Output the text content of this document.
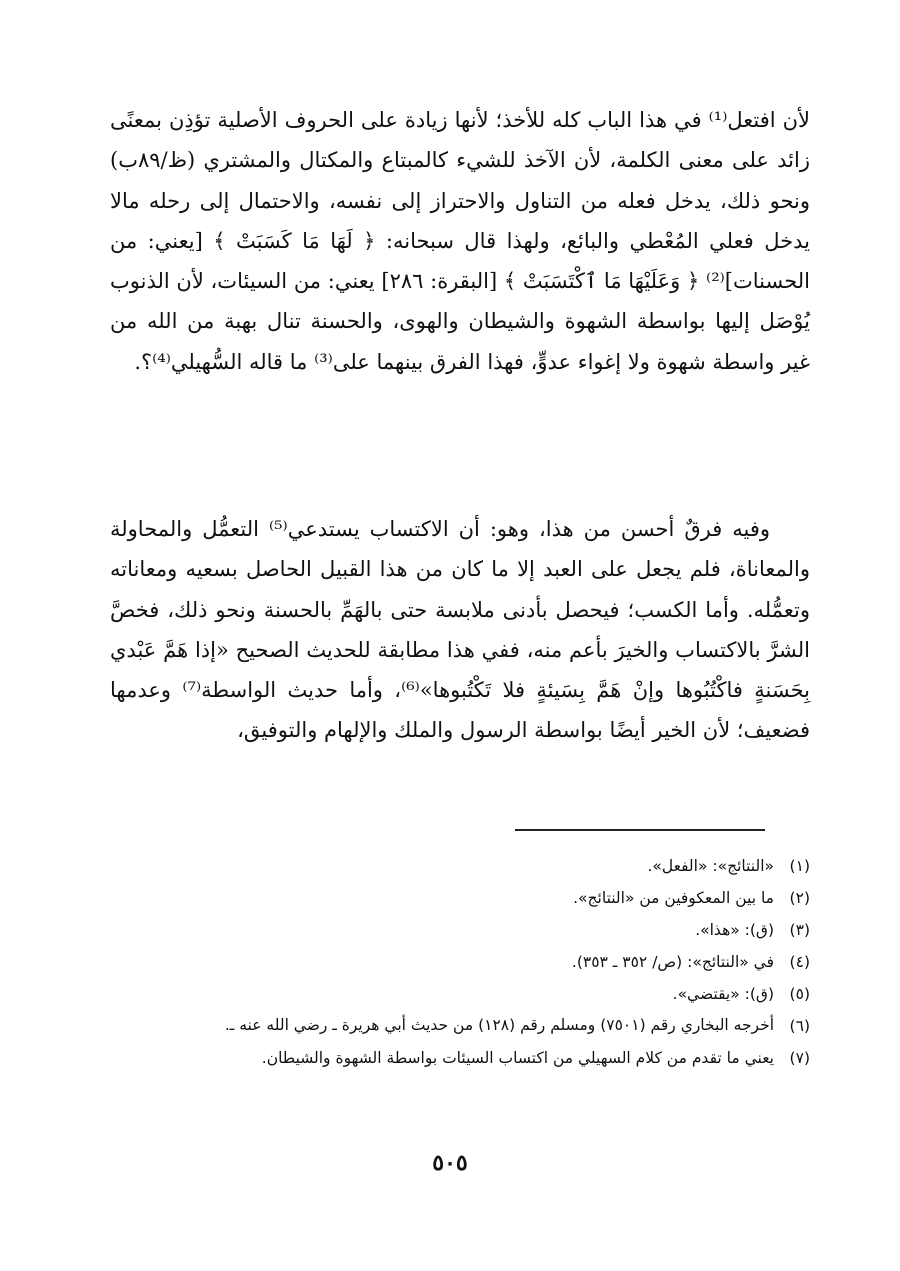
لأن افتعل⁽¹⁾ في هذا الباب كله للأخذ؛ لأنها زيادة على الحروف الأصلية تؤذِن بمعنًى زائد على معنى الكلمة، لأن الآخذ للشيء كالمبتاع والمكتال والمشتري (ظ/٨٩ب) ونحو ذلك، يدخل فعله من التناول والاحتراز إلى نفسه، والاحتمال إلى رحله مالا يدخل فعلي المُعْطي والبائع، ولهذا قال سبحانه: ﴿ لَهَا مَا كَسَبَتْ ﴾ [يعني: من الحسنات]⁽²⁾ ﴿ وَعَلَيْهَا مَا ٱكْتَسَبَتْ ﴾ [البقرة: ٢٨٦] يعني: من السيئات، لأن الذنوب يُوْصَل إليها بواسطة الشهوة والشيطان والهوى، والحسنة تنال بهبة من الله من غير واسطة شهوة ولا إغواء عدوٍّ، فهذا الفرق بينهما على⁽³⁾ ما قاله السُّهيلي⁽⁴⁾؟.
وفيه فرقٌ أحسن من هذا، وهو: أن الاكتساب يستدعي⁽⁵⁾ التعمُّل والمحاولة والمعاناة، فلم يجعل على العبد إلا ما كان من هذا القبيل الحاصل بسعيه ومعاناته وتعمُّله. وأما الكسب؛ فيحصل بأدنى ملابسة حتى بالهَمِّ بالحسنة ونحو ذلك، فخصَّ الشرَّ بالاكتساب والخيرَ بأعم منه، ففي هذا مطابقة للحديث الصحيح «إذا هَمَّ عَبْدي بِحَسَنةٍ فاكْتُبُوها وإنْ هَمَّ بِسَيئةٍ فلا تَكْتُبوها»⁽⁶⁾، وأما حديث الواسطة⁽⁷⁾ وعدمها فضعيف؛ لأن الخير أيضًا بواسطة الرسول والملك والإلهام والتوفيق،
(١)
«النتائج»: «الفعل».
(٢)
ما بين المعكوفين من «النتائج».
(٣)
(ق): «هذا».
(٤)
في «النتائج»: (ص/ ٣٥٢ ـ ٣٥٣).
(٥)
(ق): «يقتضي».
(٦)
أخرجه البخاري رقم (٧٥٠١) ومسلم رقم (١٢٨) من حديث أبي هريرة ـ رضي الله عنه ـ.
(٧)
يعني ما تقدم من كلام السهيلي من اكتساب السيئات بواسطة الشهوة والشيطان.
٥٠٥
